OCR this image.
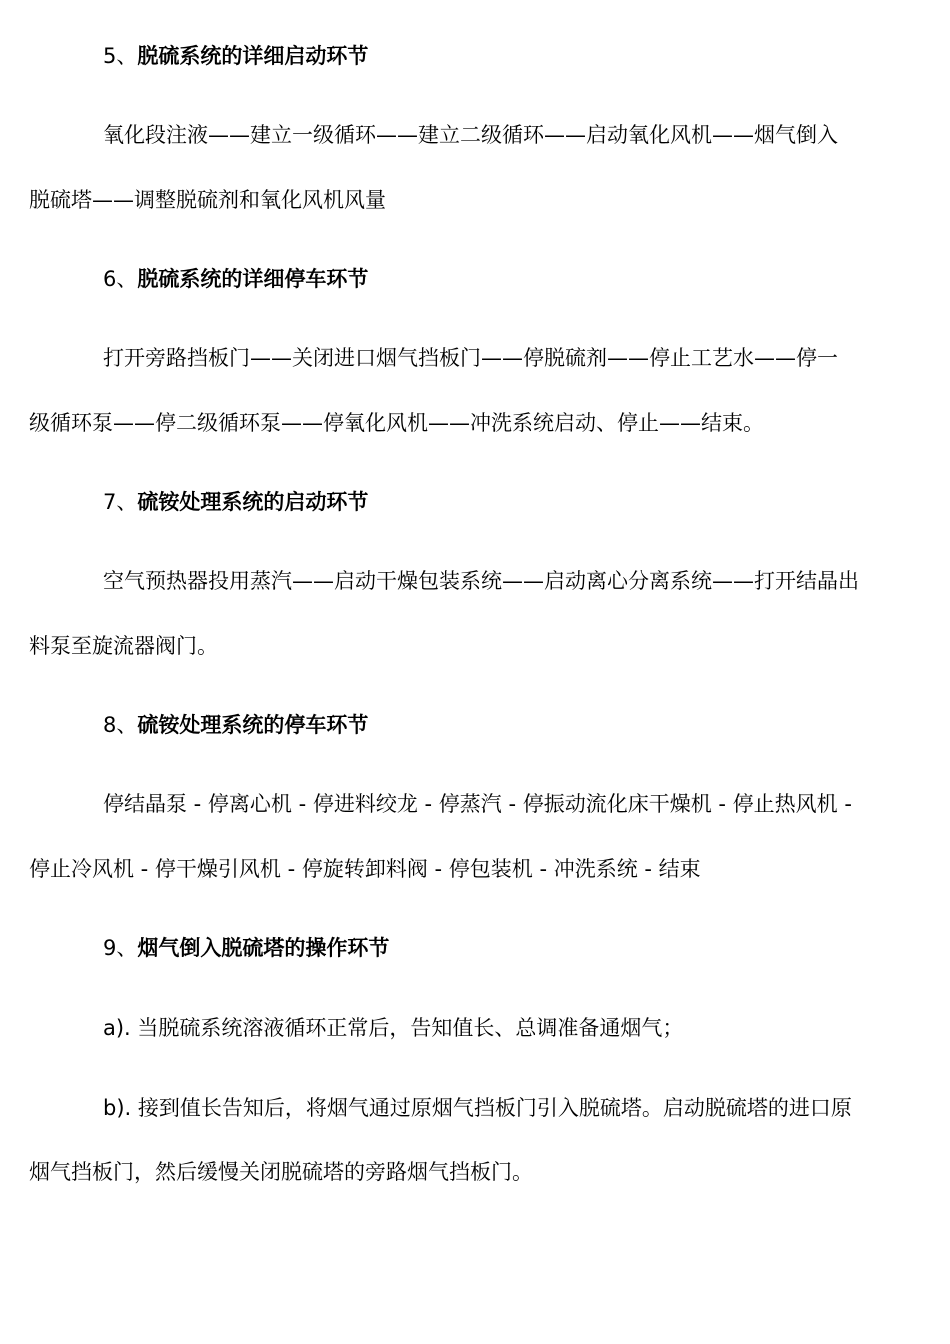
5、脱硫系统的详细启动环节
氧化段注液——建立一级循环——建立二级循环——启动氧化风机——烟气倒入
脱硫塔——调整脱硫剂和氧化风机风量
6、脱硫系统的详细停车环节
打开旁路挡板门——关闭进口烟气挡板门——停脱硫剂——停止工艺水——停一
级循环泵——停二级循环泵——停氧化风机——冲洗系统启动、停止——结束。
7、硫铵处理系统的启动环节
空气预热器投用蒸汽——启动干燥包装系统——启动离心分离系统——打开结晶出
料泵至旋流器阀门。
8、硫铵处理系统的停车环节
停结晶泵 - 停离心机 - 停进料绞龙 - 停蒸汽 - 停振动流化床干燥机 - 停止热风机 -
停止冷风机 - 停干燥引风机 - 停旋转卸料阀 - 停包装机 - 冲洗系统 - 结束
9、烟气倒入脱硫塔的操作环节
a). 当脱硫系统溶液循环正常后，告知值长、总调准备通烟气；
b). 接到值长告知后，将烟气通过原烟气挡板门引入脱硫塔。启动脱硫塔的进口原
烟气挡板门，然后缓慢关闭脱硫塔的旁路烟气挡板门。
